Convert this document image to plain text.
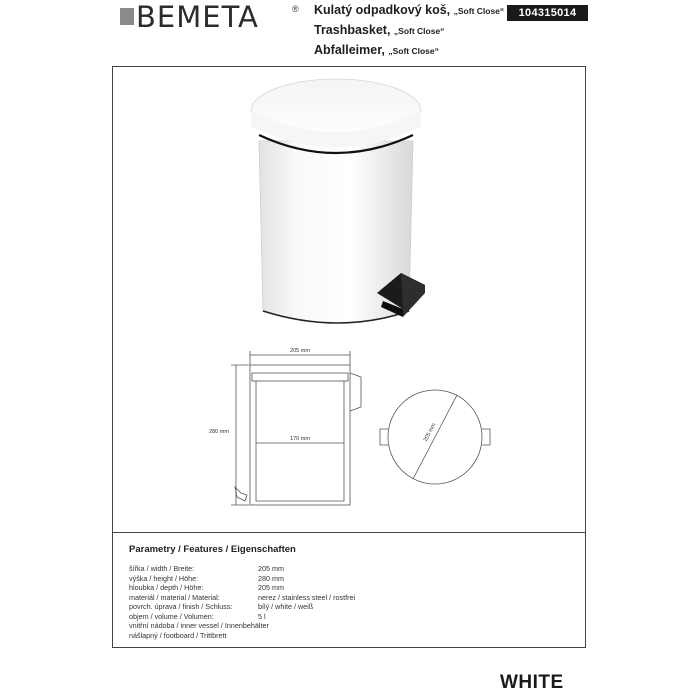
BEMETA	® Kulatý odpadkový koš, „Soft Close“
Trashbasket, „Soft Close“
Abfalleimer, „Soft Close“
104315014
205 mm
280 mm
170 mm	205 mm
Parametry / Features / Eigenschaften
šířka / width / Breite:	205 mm
výška / height / Höhe:	280 mm
hloubka / depth / Höhe:	205 mm
materiál / material / Material:	nerez / stainless steel / rostfrei
povrch. úprava / finish / Schluss:	bílý / white / weiß
objem / volume / Volumen:	5 l
vnitřní nádoba / inner vessel / Innenbehälter
nášlapný / footboard / Trittbrett
WHITE
